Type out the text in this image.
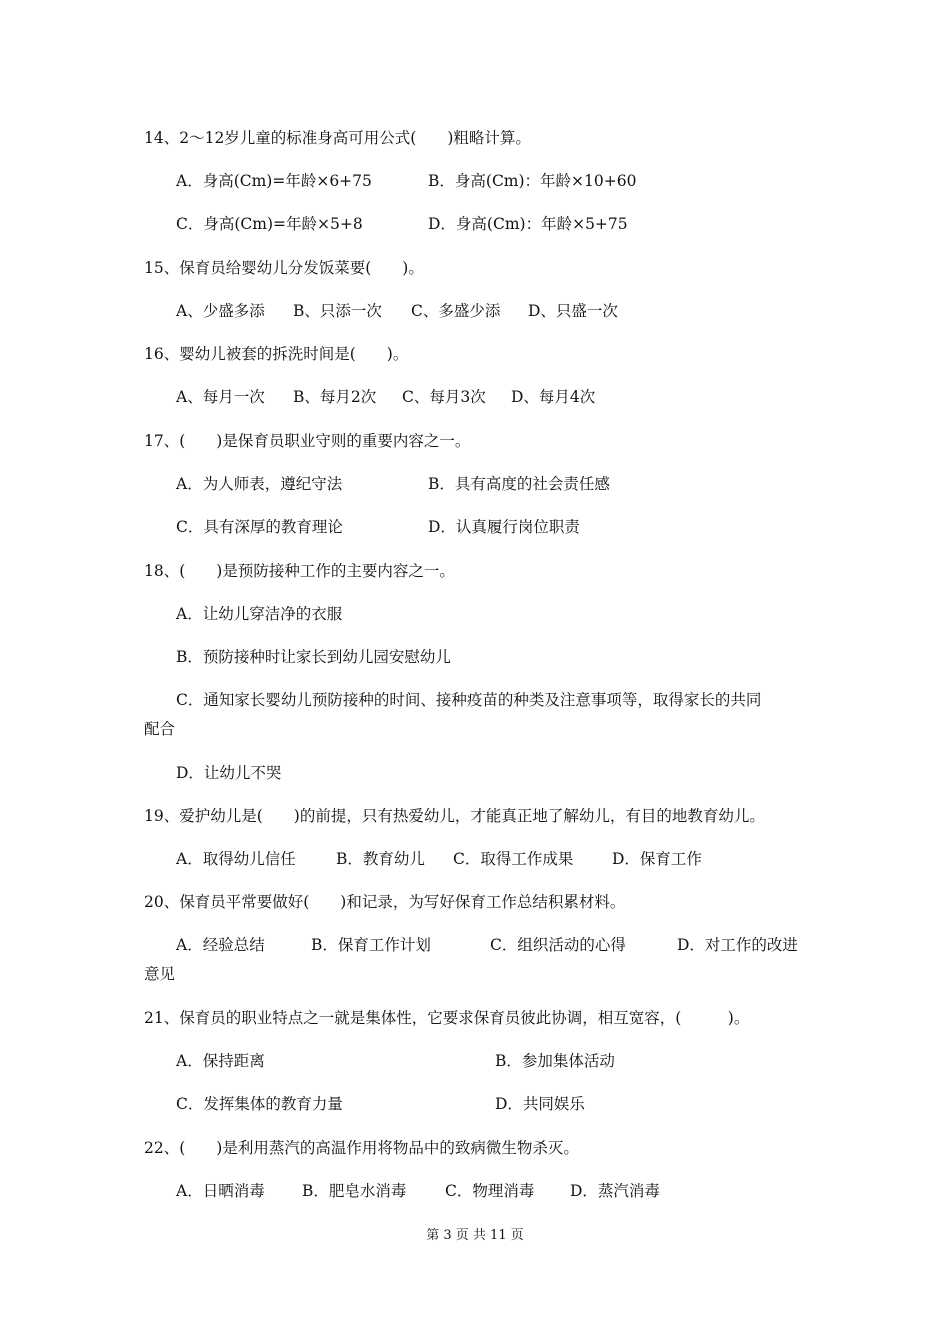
14、2～12岁儿童的标准身高可用公式(　　)粗略计算。
A．身高(Cm)=年龄×6+75	B．身高(Cm)：年龄×10+60
C．身高(Cm)=年龄×5+8	D．身高(Cm)：年龄×5+75
15、保育员给婴幼儿分发饭菜要(　　)。
A、少盛多添 B、只添一次 C、多盛少添 D、只盛一次
16、婴幼儿被套的拆洗时间是(　　)。
A、每月一次 B、每月2次 C、每月3次 D、每月4次
17、(　　)是保育员职业守则的重要内容之一。
A．为人师表，遵纪守法	B．具有高度的社会责任感
C．具有深厚的教育理论	D．认真履行岗位职责
18、(　　)是预防接种工作的主要内容之一。
A．让幼儿穿洁净的衣服
B．预防接种时让家长到幼儿园安慰幼儿
C．通知家长婴幼儿预防接种的时间、接种疫苗的种类及注意事项等，取得家长的共同
配合
D．让幼儿不哭
19、爱护幼儿是(　　)的前提，只有热爱幼儿，才能真正地了解幼儿，有目的地教育幼儿。
A．取得幼儿信任	B．教育幼儿 C．取得工作成果 D．保育工作
20、保育员平常要做好(　　)和记录，为写好保育工作总结积累材料。
A．经验总结	B．保育工作计划	C．组织活动的心得	D．对工作的改进
意见
21、保育员的职业特点之一就是集体性，它要求保育员彼此协调，相互宽容，(　　　)。
A．保持距离	B．参加集体活动
C．发挥集体的教育力量	D．共同娱乐
22、(　　)是利用蒸汽的高温作用将物品中的致病微生物杀灭。
A．日晒消毒 B．肥皂水消毒 C．物理消毒 D．蒸汽消毒
第 3 页 共 11 页
